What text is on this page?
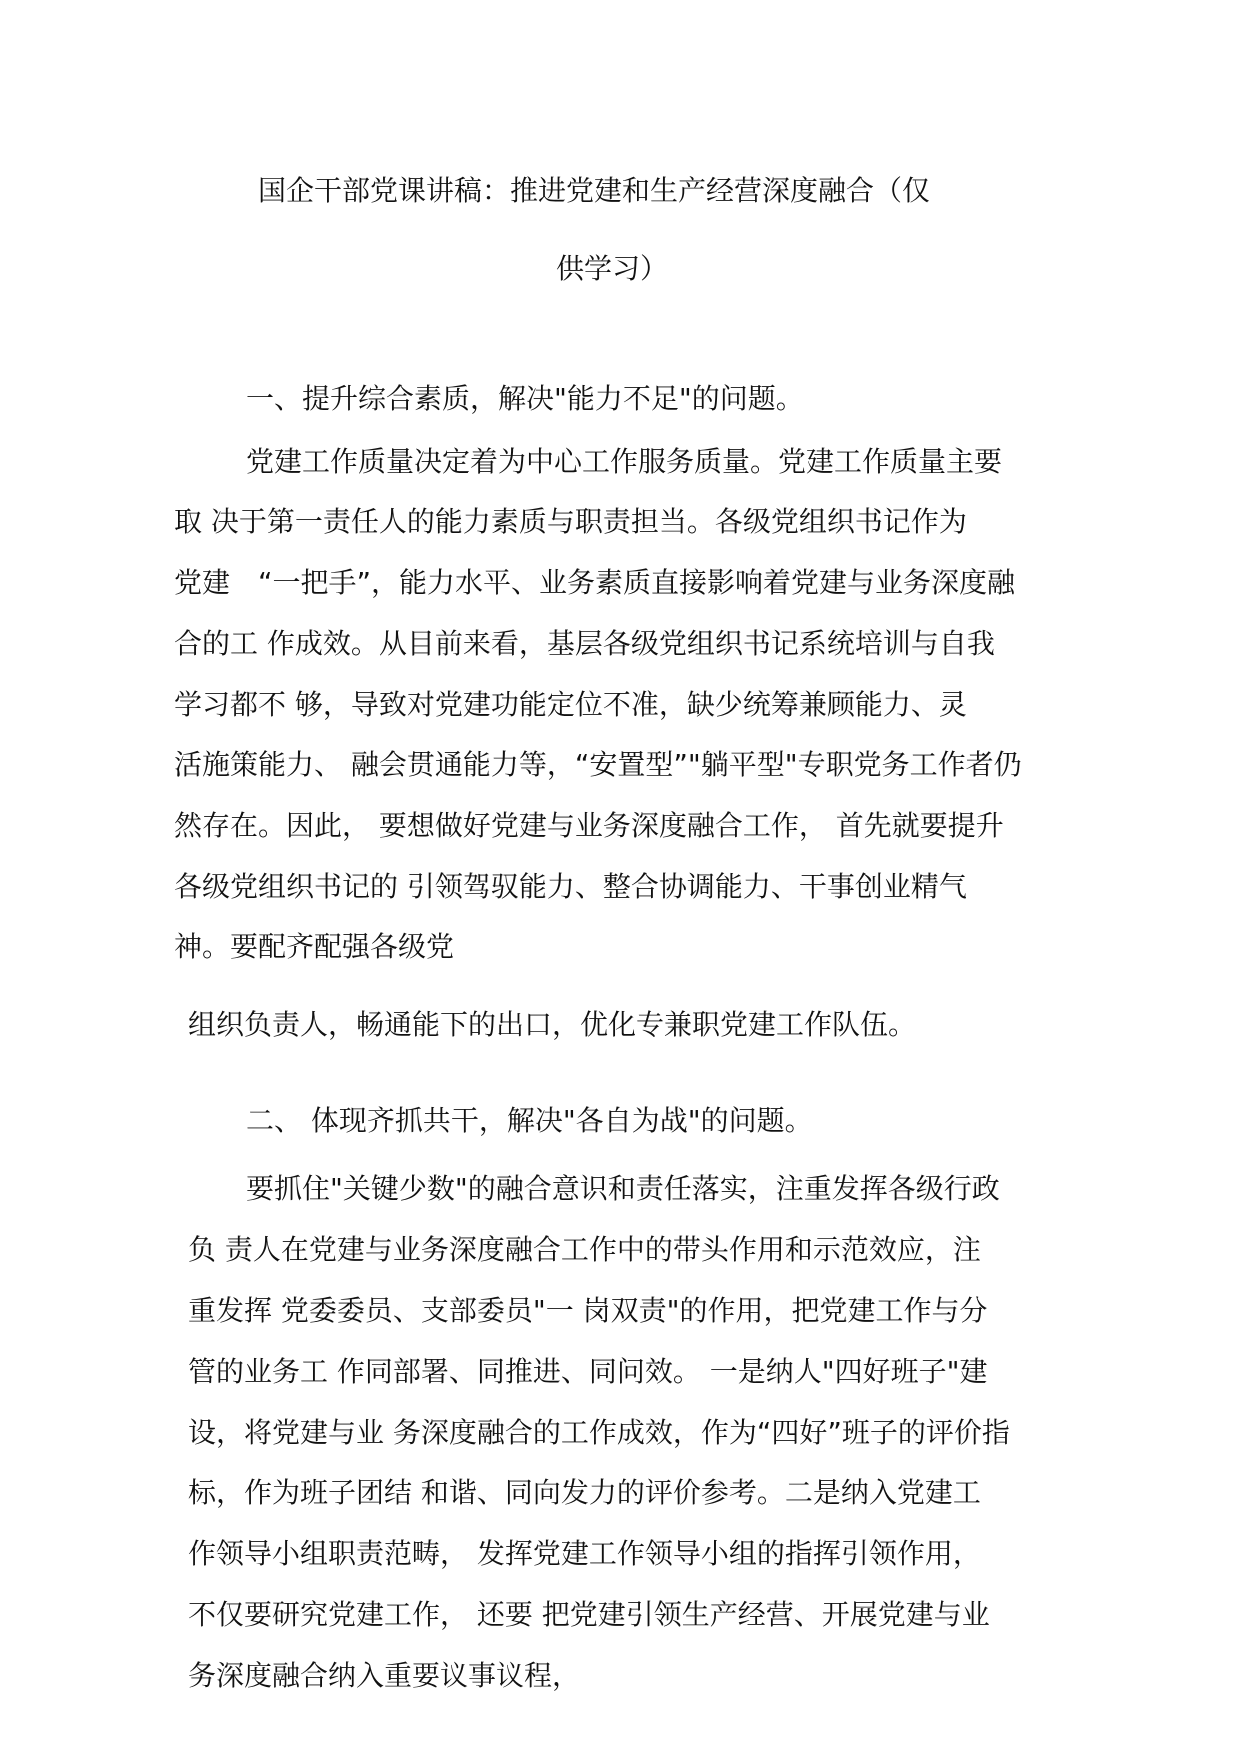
国企干部党课讲稿：推进党建和生产经营深度融合（仅
供学习）
一、提升综合素质，解决"能力不足"的问题。
党建工作质量决定着为中心工作服务质量。党建工作质量主要
取 决于第一责任人的能力素质与职责担当。各级党组织书记作为
党建　“一把手”，能力水平、业务素质直接影响着党建与业务深度融
合的工 作成效。从目前来看，基层各级党组织书记系统培训与自我
学习都不 够，导致对党建功能定位不准，缺少统筹兼顾能力、灵
活施策能力、 融会贯通能力等，“安置型”"躺平型"专职党务工作者仍
然存在。因此， 要想做好党建与业务深度融合工作， 首先就要提升
各级党组织书记的 引领驾驭能力、整合协调能力、干事创业精气
神。要配齐配强各级党
组织负责人，畅通能下的出口，优化专兼职党建工作队伍。
二、 体现齐抓共干，解决"各自为战"的问题。
要抓住"关键少数"的融合意识和责任落实，注重发挥各级行政
负 责人在党建与业务深度融合工作中的带头作用和示范效应，注
重发挥 党委委员、支部委员"一 岗双责"的作用，把党建工作与分
管的业务工 作同部署、同推进、同问效。 一是纳人"四好班子"建
设，将党建与业 务深度融合的工作成效，作为“四好”班子的评价指
标，作为班子团结 和谐、同向发力的评价参考。二是纳入党建工
作领导小组职责范畴， 发挥党建工作领导小组的指挥引领作用，
不仅要研究党建工作， 还要 把党建引领生产经营、开展党建与业
务深度融合纳入重要议事议程，
